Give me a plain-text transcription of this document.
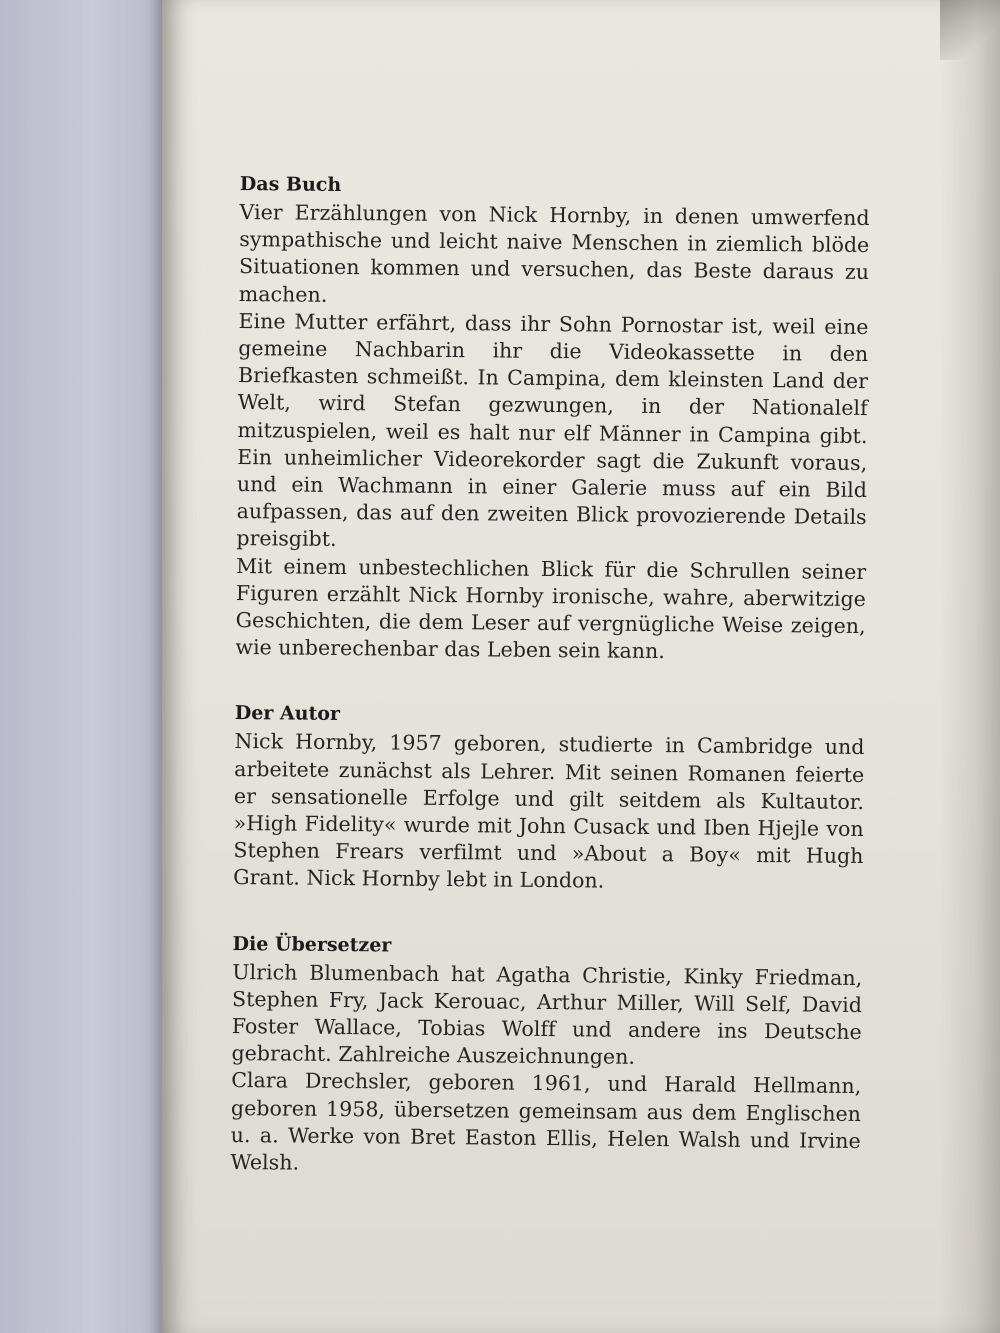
Das Buch

Vier Erzählungen von Nick Hornby, in denen umwerfend sympathische und leicht naive Menschen in ziemlich blöde Situationen kommen und versuchen, das Beste daraus zu machen.

Eine Mutter erfährt, dass ihr Sohn Pornostar ist, weil eine gemeine Nachbarin ihr die Videokassette in den Briefkasten schmeißt. In Campina, dem kleinsten Land der Welt, wird Stefan gezwungen, in der Nationalelf mitzuspielen, weil es halt nur elf Männer in Campina gibt. Ein unheimlicher Videorekorder sagt die Zukunft voraus, und ein Wachmann in einer Galerie muss auf ein Bild aufpassen, das auf den zweiten Blick provozierende Details preisgibt.

Mit einem unbestechlichen Blick für die Schrullen seiner Figuren erzählt Nick Hornby ironische, wahre, aberwitzige Geschichten, die dem Leser auf vergnügliche Weise zeigen, wie unberechenbar das Leben sein kann.

Der Autor

Nick Hornby, 1957 geboren, studierte in Cambridge und arbeitete zunächst als Lehrer. Mit seinen Romanen feierte er sensationelle Erfolge und gilt seitdem als Kultautor. »High Fidelity« wurde mit John Cusack und Iben Hjejle von Stephen Frears verfilmt und »About a Boy« mit Hugh Grant. Nick Hornby lebt in London.

Die Übersetzer

Ulrich Blumenbach hat Agatha Christie, Kinky Friedman, Stephen Fry, Jack Kerouac, Arthur Miller, Will Self, David Foster Wallace, Tobias Wolff und andere ins Deutsche gebracht. Zahlreiche Auszeichnungen.

Clara Drechsler, geboren 1961, und Harald Hellmann, geboren 1958, übersetzen gemeinsam aus dem Englischen u. a. Werke von Bret Easton Ellis, Helen Walsh und Irvine Welsh.
